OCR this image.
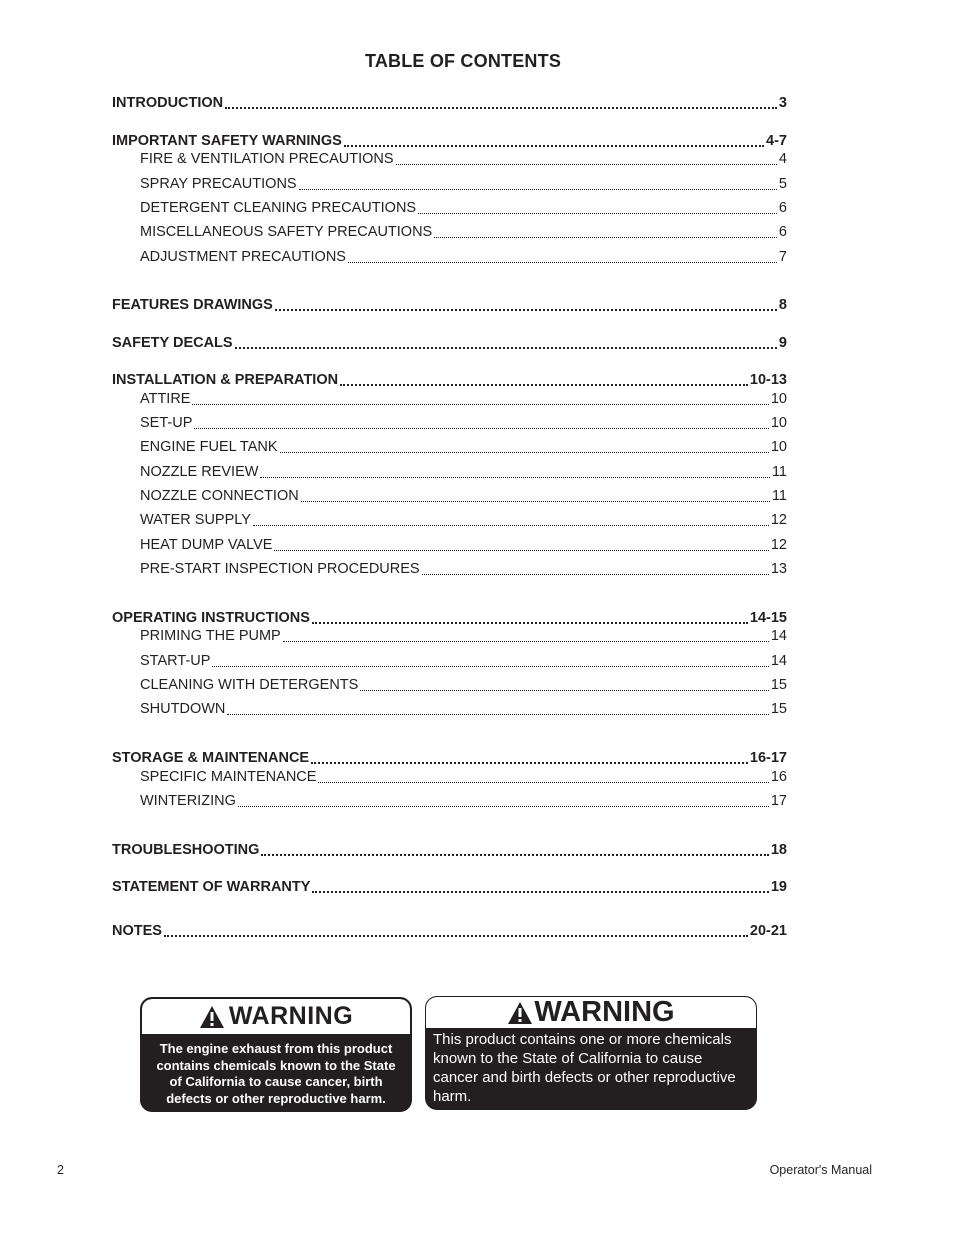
TABLE OF CONTENTS
INTRODUCTION	3
IMPORTANT SAFETY WARNINGS	4-7
FIRE & VENTILATION PRECAUTIONS	4
SPRAY PRECAUTIONS	5
DETERGENT CLEANING PRECAUTIONS	6
MISCELLANEOUS SAFETY PRECAUTIONS	6
ADJUSTMENT PRECAUTIONS	7
FEATURES DRAWINGS	8
SAFETY DECALS	9
INSTALLATION & PREPARATION	10-13
ATTIRE	10
SET-UP	10
ENGINE FUEL TANK	10
NOZZLE REVIEW	11
NOZZLE CONNECTION	11
WATER SUPPLY	12
HEAT DUMP VALVE	12
PRE-START INSPECTION PROCEDURES	13
OPERATING INSTRUCTIONS	14-15
PRIMING THE PUMP	14
START-UP	14
CLEANING WITH DETERGENTS	15
SHUTDOWN	15
STORAGE & MAINTENANCE	16-17
SPECIFIC MAINTENANCE	16
WINTERIZING	17
TROUBLESHOOTING	18
STATEMENT OF WARRANTY	19
NOTES	20-21
WARNING
The engine exhaust from this product
contains chemicals known to the State
of California to cause cancer, birth
defects or other reproductive harm.
WARNING
This product contains one or more chemicals
known to the State of California to cause
cancer and birth defects or other reproductive
harm.
2	Operator's Manual
